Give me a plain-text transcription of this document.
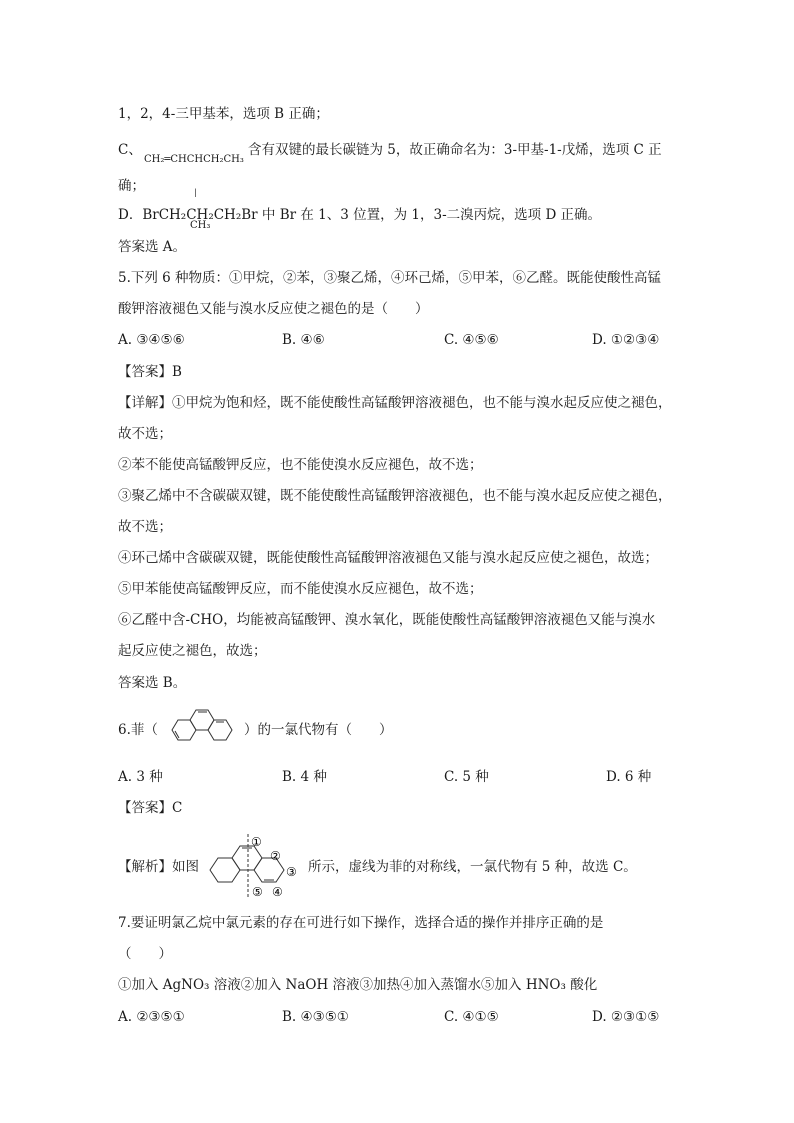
1，2，4-三甲基苯，选项 B 正确；
C、

CH₂═CHCHCH₂CH₃

|

CH₃

含有双键的最长碳链为 5，故正确命名为：3-甲基-1-戊烯，选项 C 正
确；
D．BrCH₂CH₂CH₂Br 中 Br 在 1、3 位置，为 1，3-二溴丙烷，选项 D 正确。
答案选 A。
5.下列 6 种物质：①甲烷，②苯，③聚乙烯，④环己烯，⑤甲苯，⑥乙醛。既能使酸性高锰
酸钾溶液褪色又能与溴水反应使之褪色的是（　　）
A. ③④⑤⑥	B. ④⑥	C. ④⑤⑥	D. ①②③④
【答案】B
【详解】①甲烷为饱和烃，既不能使酸性高锰酸钾溶液褪色，也不能与溴水起反应使之褪色，
故不选；
②苯不能使高锰酸钾反应，也不能使溴水反应褪色，故不选；
③聚乙烯中不含碳碳双键，既不能使酸性高锰酸钾溶液褪色，也不能与溴水起反应使之褪色，
故不选；
④环己烯中含碳碳双键，既能使酸性高锰酸钾溶液褪色又能与溴水起反应使之褪色，故选；
⑤甲苯能使高锰酸钾反应，而不能使溴水反应褪色，故不选；
⑥乙醛中含-CHO，均能被高锰酸钾、溴水氧化，既能使酸性高锰酸钾溶液褪色又能与溴水
起反应使之褪色，故选；
答案选 B。
6.菲（	）的一氯代物有（　　）
A. 3 种	B. 4 种	C. 5 种	D. 6 种
【答案】C
【解析】如图
①
②
③
④
⑤
所示，虚线为菲的对称线，一氯代物有 5 种，故选 C。
7.要证明氯乙烷中氯元素的存在可进行如下操作，选择合适的操作并排序正确的是
（　　）
①加入 AgNO₃ 溶液②加入 NaOH 溶液③加热④加入蒸馏水⑤加入 HNO₃ 酸化
A. ②③⑤①	B. ④③⑤①	C. ④①⑤	D. ②③①⑤
